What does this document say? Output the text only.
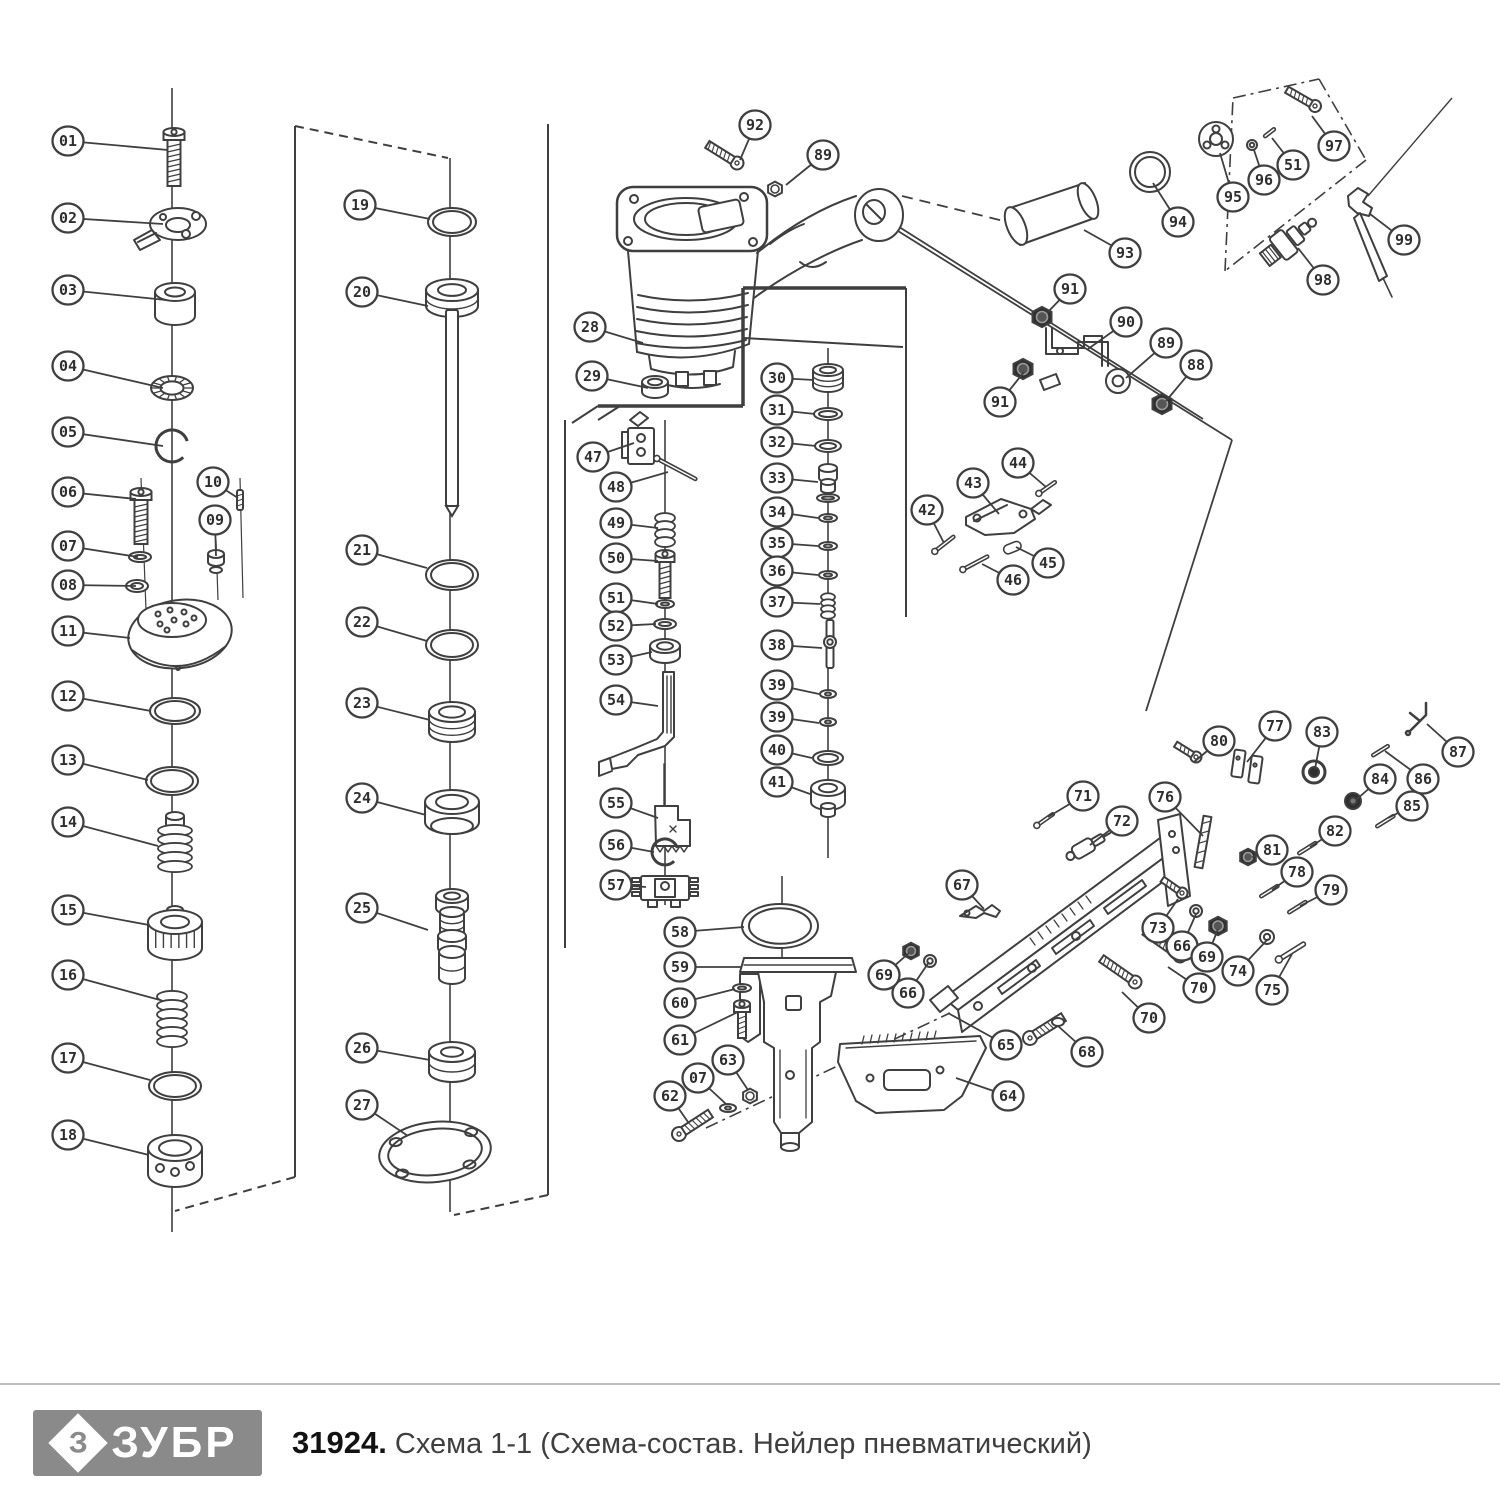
01
02
03
04
05
06
07
08
09
10
11
12
13
14
15
16
17
18
19
20
21
22
23
24
25
26
27
28
29	30
31
32
33
34
35
36
37
38
39
39
40
41
42
43
44
45
46
47
48
49
50
51
52
53
54
55
56
57
58
59
60
61
62
63
07
64
65
66
66
67
68
69
69
70
70
71
72
73
74
75
76
77
78
79
80
81
82
83
84
85
86
87
88
89
89
90
91
91
92
93
94
95
96
51
97
98
99
З ЗУБР 31924. Схема 1-1 (Схема-состав. Нейлер пневматический)
